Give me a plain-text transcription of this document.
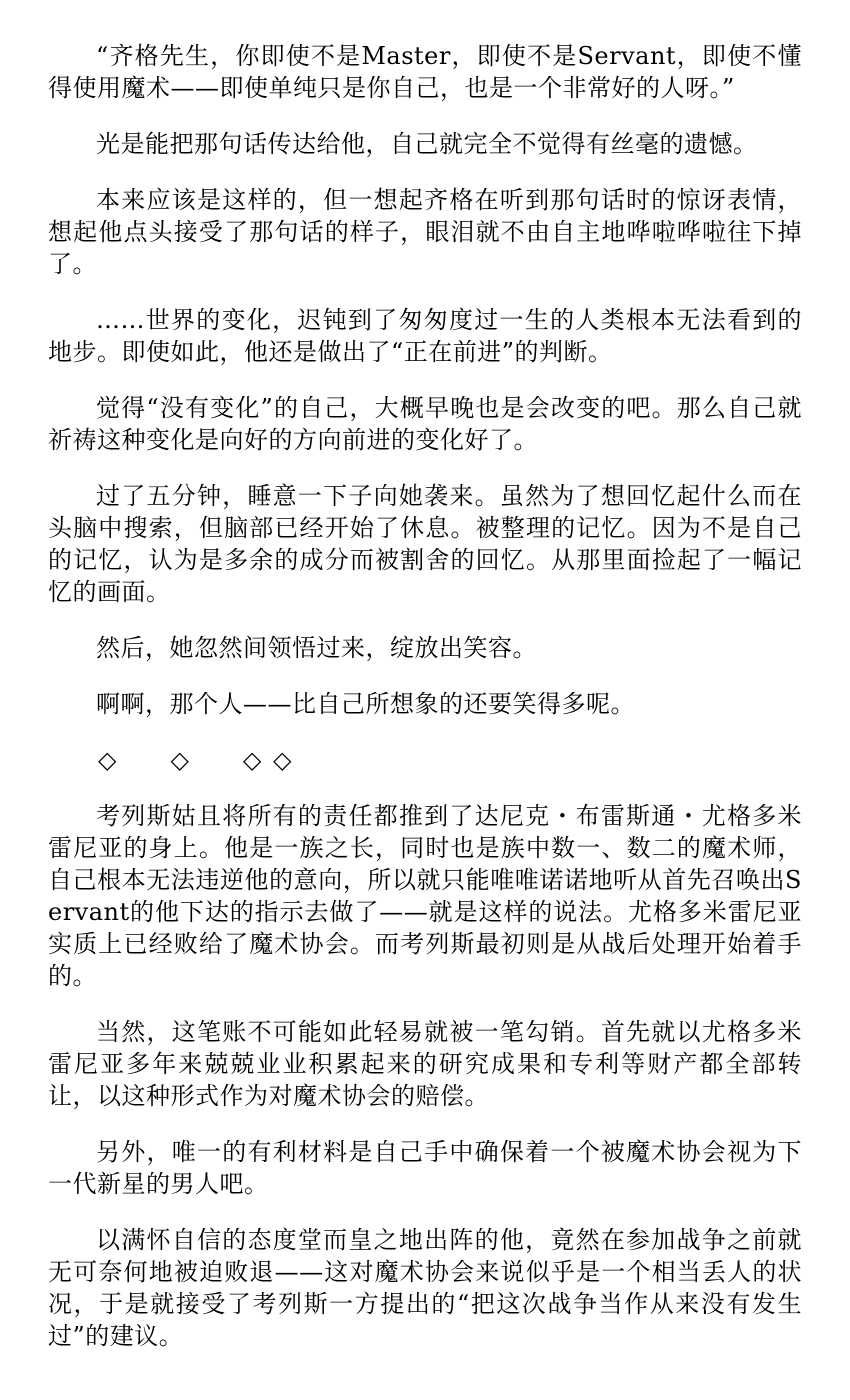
“齐格先生，你即使不是Master，即使不是Servant，即使不懂得使用魔术——即使单纯只是你自己，也是一个非常好的人呀。”

光是能把那句话传达给他，自己就完全不觉得有丝毫的遗憾。

本来应该是这样的，但一想起齐格在听到那句话时的惊讶表情，想起他点头接受了那句话的样子，眼泪就不由自主地哗啦哗啦往下掉了。

……世界的变化，迟钝到了匆匆度过一生的人类根本无法看到的地步。即使如此，他还是做出了“正在前进”的判断。

觉得“没有变化”的自己，大概早晚也是会改变的吧。那么自己就祈祷这种变化是向好的方向前进的变化好了。

过了五分钟，睡意一下子向她袭来。虽然为了想回忆起什么而在头脑中搜索，但脑部已经开始了休息。被整理的记忆。因为不是自己的记忆，认为是多余的成分而被割舍的回忆。从那里面捡起了一幅记忆的画面。

然后，她忽然间领悟过来，绽放出笑容。

啊啊，那个人——比自己所想象的还要笑得多呢。

◇　　◇　　◇ ◇

考列斯姑且将所有的责任都推到了达尼克・布雷斯通・尤格多米雷尼亚的身上。他是一族之长，同时也是族中数一、数二的魔术师，自己根本无法违逆他的意向，所以就只能唯唯诺诺地听从首先召唤出Servant的他下达的指示去做了——就是这样的说法。尤格多米雷尼亚实质上已经败给了魔术协会。而考列斯最初则是从战后处理开始着手的。

当然，这笔账不可能如此轻易就被一笔勾销。首先就以尤格多米雷尼亚多年来兢兢业业积累起来的研究成果和专利等财产都全部转让，以这种形式作为对魔术协会的赔偿。

另外，唯一的有利材料是自己手中确保着一个被魔术协会视为下一代新星的男人吧。

以满怀自信的态度堂而皇之地出阵的他，竟然在参加战争之前就无可奈何地被迫败退——这对魔术协会来说似乎是一个相当丢人的状况，于是就接受了考列斯一方提出的“把这次战争当作从来没有发生过”的建议。
